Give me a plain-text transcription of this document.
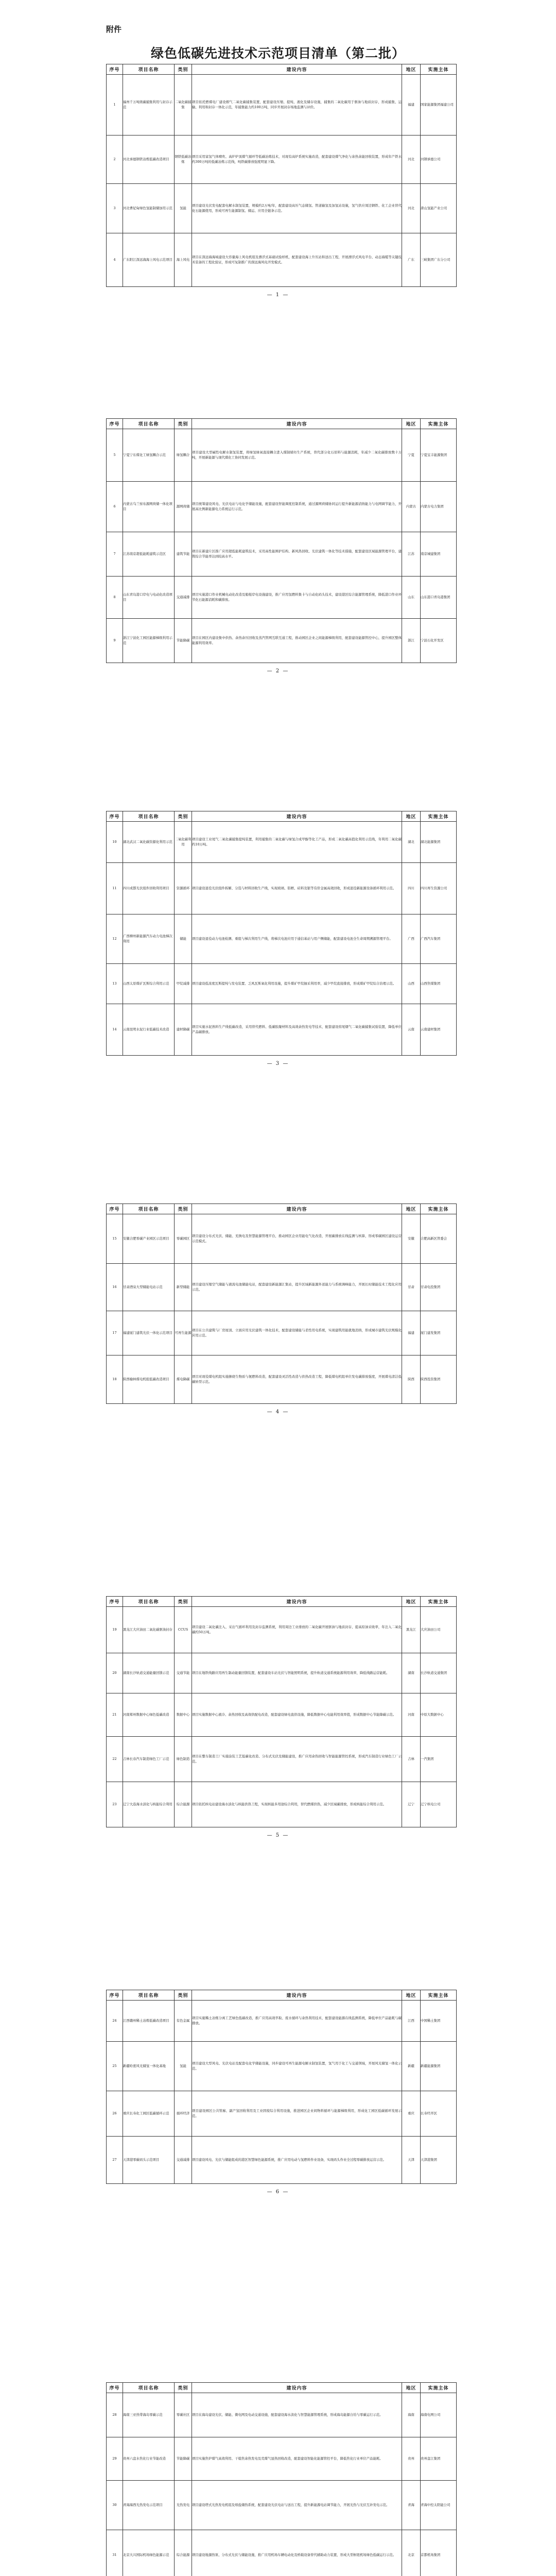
附件
绿色低碳先进技术示范项目清单（第二批）
序号	项目名称	类别	建设内容	地区	实施主体
1	福州千万吨级碳捕集利用与封存示范	二氧化碳捕集	项目依托燃煤电厂建设烟气二氧化碳捕集装置，配套建设压缩、提纯、液化及储存设施，捕集的二氧化碳用于驱油与地质封存，形成捕集、运输、利用和封存一体化示范，年捕集能力约100万吨，同步开展封存场地监测与评价。	福建	国家能源集团福建公司
2	河北承德钢铁冶炼低碳改造项目	钢铁低碳冶炼	项目采用富氢气体喷吹、高炉炉顶煤气循环等低碳冶炼技术，对现有高炉系统实施改造，配套建设煤气净化与余热余能回收装置，形成年产铁水约300万吨的低碳冶炼示范线，吨铁碳排放强度明显下降。	河北	河钢承德公司
3	河北曹妃甸绿色氢能制储加用示范	氢能	项目建设光伏发电配套电解水制氢装置，规模约2万吨/年，配套建设高压气态储氢、管道输氢及加氢站设施，氢气供应周边钢铁、化工企业替代化石能源使用，形成可再生能源制氢、储运、应用全链条示范。	河北	唐山氢能产业公司
4	广东阳江深远海海上风电示范项目	海上风电	项目在深远海海域建设大容量海上风电机组及漂浮式基础试验样机，配套建设海上升压站和送出工程，开展漂浮式风电平台、动态海缆等关键技术装备的工程化验证，形成可复制推广的深远海风电开发模式。	广东	三峡集团广东分公司
— 1 —
序号	项目名称	类别	建设内容	地区	实施主体
5	宁夏宁东煤化工绿氢耦合示范	绿氢耦合	项目建设大型碱性电解水制氢装置，将绿氢绿氧直接耦合进入煤制烯烃生产系统，替代部分化石原料与能源消耗，年减少二氧化碳排放数十万吨，开展新能源与现代煤化工协同发展示范。	宁夏	宁夏宝丰能源集团
6	内蒙古乌兰察布源网荷储一体化项目	源网荷储	项目统筹建设风电、光伏电站与电化学储能设施，配套建设智能调度控制系统，通过源网荷储协同运行提升新能源消纳能力与电网调节能力，开展高比例新能源电力系统运行示范。	内蒙古	内蒙古电力集团
7	江苏南京超低能耗建筑示范区	建筑节能	项目在新建片区推广应用超低能耗建筑技术，采用高性能围护结构、新风热回收、光伏建筑一体化等技术措施，配套建设区域能源管理平台，建筑综合节能率达到较高水平。	江苏	南京城建集团
8	山东青岛港口岸电与电动化改造项目	交通减排	项目实施港口作业机械电动化改造及船舶岸电设施建设，推广应用氢燃料集卡与自动化码头技术，建设港区综合能源管理系统，降低港口作业环节化石能源消耗和碳排放。	山东	山东港口青岛港集团
9	浙江宁波化工园区能源梯级利用示范	节能降碳	项目在园区内建设集中供热、余热余压回收及蒸汽管网互联互通工程，推动园区企业之间能源梯级利用，配套建设能源管控中心，提升园区整体能源利用效率。	浙江	宁波石化开发区
— 2 —
序号	项目名称	类别	建设内容	地区	实施主体
10	湖北武汉二氧化碳资源化利用示范	二氧化碳利用	项目建设工业尾气二氧化碳捕集提纯装置，利用捕集的二氧化碳与绿氢合成甲醇等化工产品，形成二氧化碳高值化利用示范线，年利用二氧化碳约10万吨。	湖北	湖北能源集团
11	四川成都光伏组件回收利用项目	资源循环	项目建设退役光伏组件拆解、分选与材料回收生产线，实现玻璃、铝框、硅料及银等有价金属高效回收，形成退役新能源设备循环利用示范。	四川	四川再生资源公司
12	广西柳州新能源汽车动力电池梯次利用	储能	项目建设退役动力电池检测、重组与梯次利用生产线，将梯次电池应用于通信基站与用户侧储能，配套建设电池全生命周期溯源管理平台。	广西	广西汽车集团
13	山西太原煤矿瓦斯综合利用示范	甲烷减排	项目建设低浓度瓦斯提纯与发电装置、乏风瓦斯氧化利用设施，提升煤矿甲烷抽采利用率，减少甲烷直接排放，形成煤矿甲烷综合治理示范。	山西	山西焦煤集团
14	云南昆明水泥行业低碳技术改造	建材降碳	项目实施水泥熟料生产线低碳改造，采用替代燃料、低碳胶凝材料及高效余热发电等技术，配套建设窑尾烟气二氧化碳捕集试验装置，降低单位产品碳排放。	云南	云南建材集团
— 3 —
序号	项目名称	类别	建设内容	地区	实施主体
15	安徽合肥零碳产业园区示范项目	零碳园区	项目建设分布式光伏、储能、充换电及智慧能源管理平台，推动园区企业用能电气化改造，开展碳排放在线监测与核算，形成零碳园区建设运营示范模式。	安徽	合肥高新区管委会
16	甘肃酒泉大型储能电站示范	新型储能	项目建设压缩空气储能与液流电池储能电站，配套建设新能源汇集站，提升区域新能源外送能力与系统调峰能力，开展长时储能技术工程化应用示范。	甘肃	甘肃电投集团
17	福建厦门建筑光伏一体化示范项目	可再生能源	项目在公共建筑与厂房屋顶、立面应用光伏建筑一体化技术，配套建设储能与柔性用电系统，实现建筑用能就地消纳，形成城市建筑光伏规模化应用示范。	福建	厦门建发集团
18	陕西榆林煤电机组低碳改造项目	煤电降碳	项目对现役煤电机组实施掺烧生物质与氨燃料改造，配套建设灵活性改造与供热改造工程，降低煤电机组单位发电碳排放强度，开展煤电清洁低碳转型示范。	陕西	陕西投资集团
— 4 —
序号	项目名称	类别	建设内容	地区	实施主体
19	黑龙江大庆油田二氧化碳驱油封存	CCUS	项目建设二氧化碳注入、采出气循环利用及封存监测系统，利用周边工业排放的二氧化碳开展驱油与地质封存，提高原油采收率，年注入二氧化碳约50万吨。	黑龙江	大庆油田公司
20	湖南长沙轨道交通能量回馈示范	交通节能	项目在地铁线路应用再生制动能量回馈装置，配套建设车站光伏与智能照明系统，提升轨道交通系统能源利用效率，降低线路运营能耗。	湖南	长沙轨道交通集团
21	河南郑州数据中心绿色低碳改造	数据中心	项目实施数据中心液冷、余热回收及高效供配电改造，配套建设绿电直供设施，降低数据中心电能利用效率值，形成数据中心节能降碳示范。	河南	中原大数据中心
22	吉林长春汽车制造绿色工厂示范	绿色制造	项目在整车制造工厂实施涂装工艺低碳化改造、分布式光伏及储能建设，推广应用余热回收与智能能源管控系统，形成汽车制造行业绿色工厂示范。	吉林	一汽集团
23	辽宁大连海水淡化与核能综合利用	综合能源	项目依托核电站建设海水淡化与核能供热工程，实现核能多用途综合利用，替代燃煤供热，减少区域碳排放，形成核能综合利用示范。	辽宁	辽宁核电公司
— 5 —
序号	项目名称	类别	建设内容	地区	实施主体
24	江西赣州稀土冶炼低碳改造项目	有色金属	项目实施稀土冶炼分离工艺绿色低碳改造，推广应用高效萃取、废水循环与余热利用技术，配套建设能源在线监测系统，降低单位产品能耗与碳排放。	江西	中国稀土集团
25	新疆哈密风光储氢一体化基地	氢能	项目建设大型风电、光伏电站及配套电化学储能设施，同步建设可再生能源电解水制氢装置，氢气用于化工与交通领域，开展风光储氢一体化示范。	新疆	新疆能源集团
26	重庆长寿化工园区低碳循环示范	循环经济	项目建设园区公共管廊、副产氢回收利用及工业固废综合利用设施，推进园区企业间物料循环与能源梯级利用，形成化工园区低碳循环发展示范。	重庆	长寿经开区
27	天津港零碳码头示范项目	交通减排	项目建设风电、光伏与储能组成的港区智慧绿色能源系统，推广应用电动与氢燃料作业设备，实现码头作业全过程零碳排放运营示范。	天津	天津港集团
— 6 —
序号	项目名称	类别	建设内容	地区	实施主体
28	海南三亚热带海岛零碳示范	零碳社区	项目在海岛建设光伏、储能、微电网及电动交通设施，配套建设海水淡化与智慧能源管理系统，形成海岛能源自给与零碳运行示范。	海南	海南电网公司
29	贵州六盘水焦化行业节能改造	节能降碳	项目实施焦炉煤气高效利用、干熄焦余热发电及荒煤气显热回收改造，配套建设智能化能源管控平台，降低焦化行业单位产品能耗。	贵州	贵州盘江集团
30	青海海西光热发电示范项目	光热发电	项目建设塔式光热发电机组及熔盐储热系统，配套建设光伏电站与送出工程，提升新能源电站调节能力，开展光热与光伏互补发电示范。	青海	青海中控太阳能公司
31	北京大兴国际机场绿色能源示范	综合能源	项目建设地源热泵、分布式光伏与储能设施，推广应用机场车辆电动化及桥载设备替代辅助动力装置，形成大型枢纽机场绿色低碳运行示范。	北京	首都机场集团
